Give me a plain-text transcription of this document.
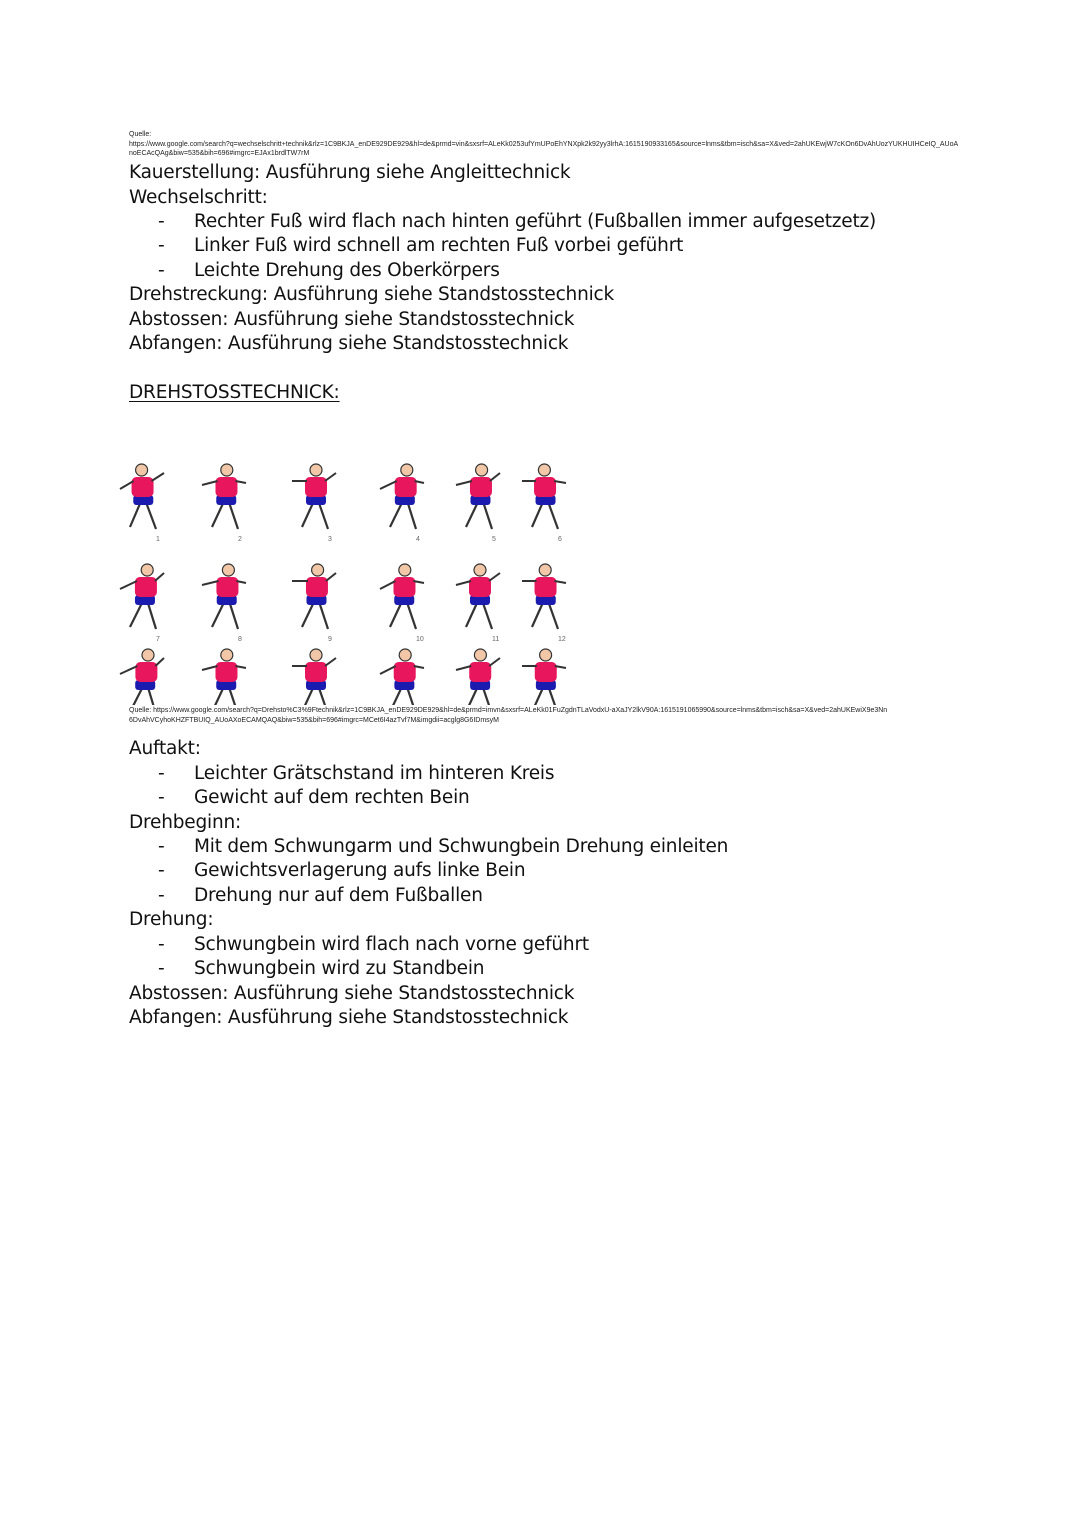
Quelle:
https://www.google.com/search?q=wechselschritt+technik&rlz=1C9BKJA_enDE929DE929&hl=de&prmd=vin&sxsrf=ALeKk0253ufYmUPoEhYNXpk2k92yy3lrhA:1615190933165&source=lnms&tbm=isch&sa=X&ved=2ahUKEwjW7cKOn6DvAhUozYUKHUIHCeIQ_AUoAnoECAcQAg&biw=535&bih=696#imgrc=EJAx1brdlTW7rM
Kauerstellung: Ausführung siehe Angleittechnick
Wechselschritt:
- Rechter Fuß wird flach nach hinten geführt (Fußballen immer aufgesetzetz)
- Linker Fuß wird schnell am rechten Fuß vorbei geführt
- Leichte Drehung des Oberkörpers
Drehstreckung: Ausführung siehe Standstosstechnick
Abstossen: Ausführung siehe Standstosstechnick
Abfangen: Ausführung siehe Standstosstechnick
DREHSTOSSTECHNICK:
1	2	3	4	5	6
7	8	9	10	11	12
Quelle: https://www.google.com/search?q=Drehsto%C3%9Ftechnik&rlz=1C9BKJA_enDE929DE929&hl=de&prmd=imvn&sxsrf=ALeKk01FuZgdnTLaVodxU-aXaJY2lkV90A:1615191065990&source=lnms&tbm=isch&sa=X&ved=2ahUKEwiX9e3Nn6DvAhVCyhoKHZFTBUIQ_AUoAXoECAMQAQ&biw=535&bih=696#imgrc=MCet6I4azTvf7M&imgdii=acglg8G6IDmsyM
Auftakt:
- Leichter Grätschstand im hinteren Kreis
- Gewicht auf dem rechten Bein
Drehbeginn:
- Mit dem Schwungarm und Schwungbein Drehung einleiten
- Gewichtsverlagerung aufs linke Bein
- Drehung nur auf dem Fußballen
Drehung:
- Schwungbein wird flach nach vorne geführt
- Schwungbein wird zu Standbein
Abstossen: Ausführung siehe Standstosstechnick
Abfangen: Ausführung siehe Standstosstechnick
